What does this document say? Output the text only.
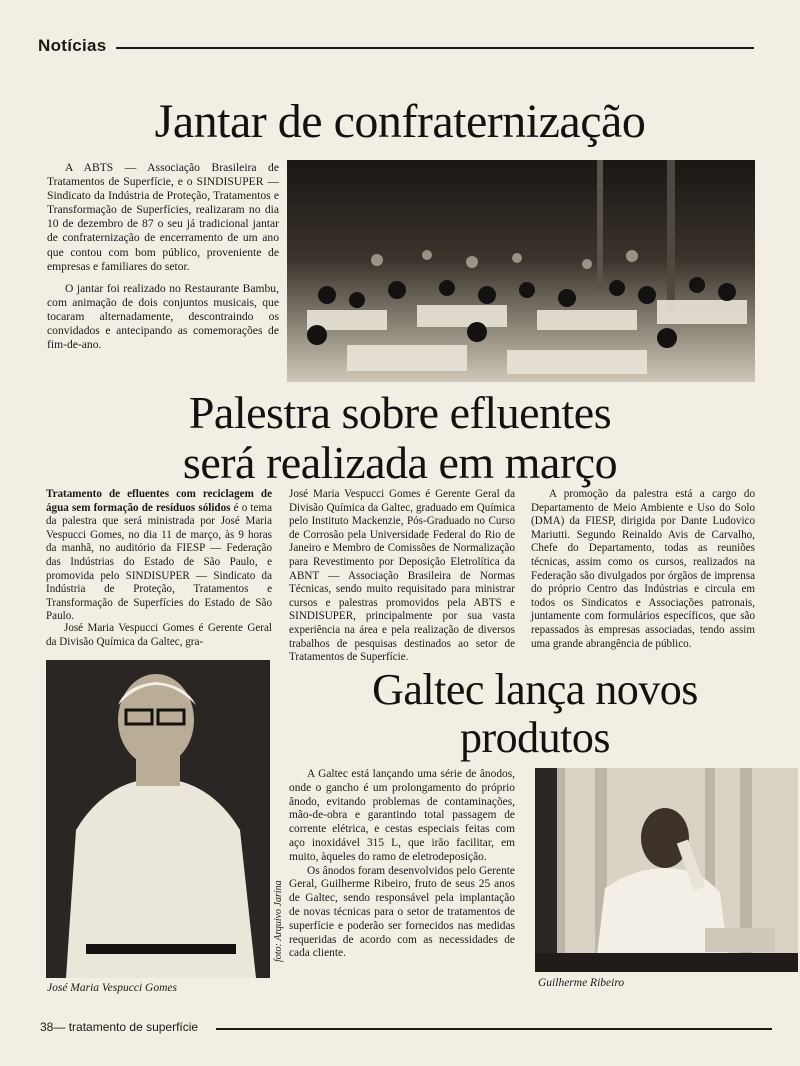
Notícias
Jantar de confraternização

A ABTS — Associação Brasileira de Tratamentos de Superfície, e o SINDISUPER — Sindicato da Indústria de Proteção, Tratamentos e Transformação de Superfícies, realizaram no dia 10 de dezembro de 87 o seu já tradicional jantar de confraternização de encerramento de um ano que contou com bom público, proveniente de empresas e familiares do setor.

O jantar foi realizado no Restaurante Bambu, com animação de dois conjuntos musicais, que tocaram alternadamente, descontraindo os convidados e antecipando as comemorações de fim-de-ano.

Palestra sobre efluentes
será realizada em março

Tratamento de efluentes com reciclagem de água sem formação de resíduos sólidos é o tema da palestra que será ministrada por José Maria Vespucci Gomes, no dia 11 de março, às 9 horas da manhã, no auditório da FIESP — Federação das Indústrias do Estado de São Paulo, e promovida pelo SINDISUPER — Sindicato da Indústria de Proteção, Tratamentos e Transformação de Superfícies do Estado de São Paulo.

José Maria Vespucci Gomes é Gerente Geral da Divisão Química da Galtec, gra-

José Maria Vespucci Gomes é Gerente Geral da Divisão Química da Galtec, graduado em Química pelo Instituto Mackenzie, Pós-Graduado no Curso de Corrosão pela Universidade Federal do Rio de Janeiro e Membro de Comissões de Normalização para Revestimento por Deposição Eletrolítica da ABNT — Associação Brasileira de Normas Técnicas, sendo muito requisitado para ministrar cursos e palestras promovidos pela ABTS e SINDISUPER, principalmente por sua vasta experiência na área e pela realização de diversos trabalhos de pesquisas destinados ao setor de Tratamentos de Superfície.

A promoção da palestra está a cargo do Departamento de Meio Ambiente e Uso do Solo (DMA) da FIESP, dirigida por Dante Ludovico Mariutti. Segundo Reinaldo Avis de Carvalho, Chefe do Departamento, todas as reuniões técnicas, assim como os cursos, realizados na Federação são divulgados por órgãos de imprensa do próprio Centro das Indústrias e circula em todos os Sindicatos e Associações patronais, juntamente com formulários específicos, que são repassados às empresas associadas, tendo assim uma grande abrangência de público.

foto: Arquivo Jarina
José Maria Vespucci Gomes
Galtec lança novos
produtos

A Galtec está lançando uma série de ânodos, onde o gancho é um prolongamento do próprio ânodo, evitando problemas de contaminações, mão-de-obra e garantindo total passagem de corrente elétrica, e cestas especiais feitas com aço inoxidável 315 L, que irão facilitar, em muito, àqueles do ramo de eletrodeposição.

Os ânodos foram desenvolvidos pelo Gerente Geral, Guilherme Ribeiro, fruto de seus 25 anos de Galtec, sendo responsável pela implantação de novas técnicas para o setor de tratamentos de superfície e poderão ser fornecidos nas medidas requeridas de acordo com as necessidades de cada cliente.

Guilherme Ribeiro
38— tratamento de superfície
